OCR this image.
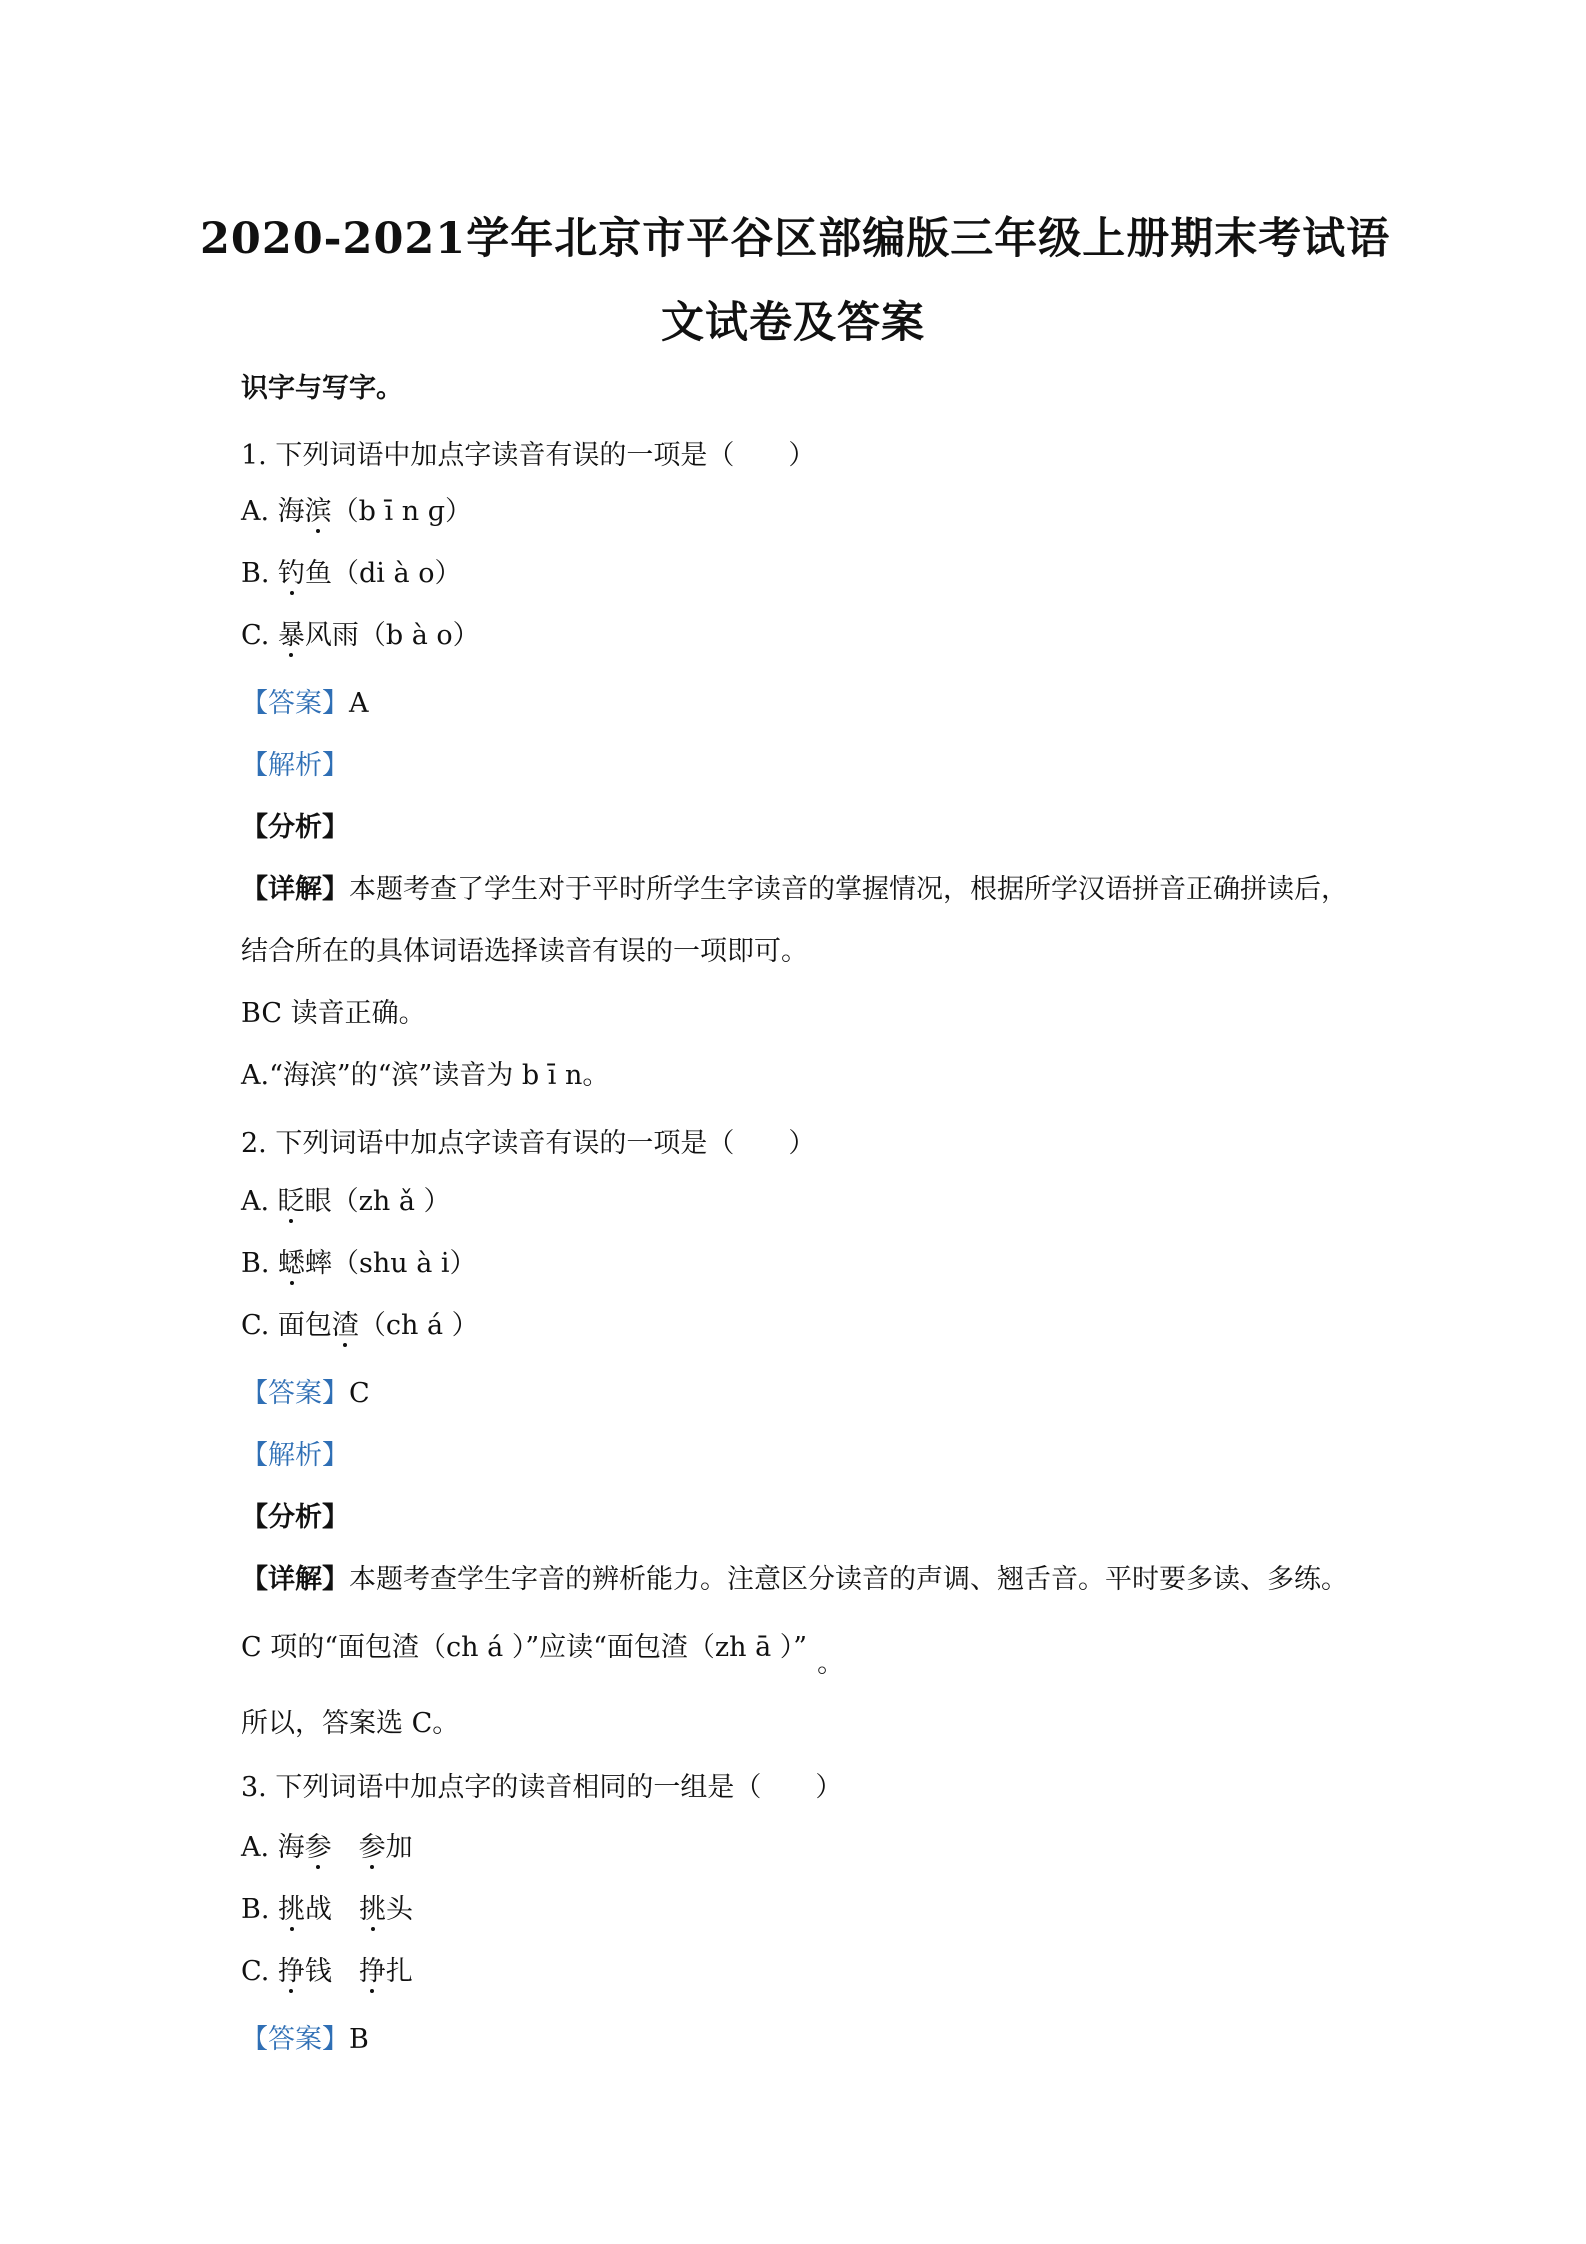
2020-2021学年北京市平谷区部编版三年级上册期末考试语
文试卷及答案
识字与写字。
1. 下列词语中加点字读音有误的一项是（　　）
A. 海滨（b ī n ɡ）
B. 钓鱼（di à o）
C. 暴风雨（b à o）
【答案】A
【解析】
【分析】
【详解】本题考查了学生对于平时所学生字读音的掌握情况，根据所学汉语拼音正确拼读后，
结合所在的具体词语选择读音有误的一项即可。
BC 读音正确。
A.“海滨”的“滨”读音为 b ī n。
2. 下列词语中加点字读音有误的一项是（　　）
A. 眨眼（zh ǎ ）
B. 蟋蟀（shu à i）
C. 面包渣（ch á ）
【答案】C
【解析】
【分析】
【详解】本题考查学生字音的辨析能力。注意区分读音的声调、翘舌音。平时要多读、多练。
C 项的“面包渣（ch á ）”应读“面包渣（zh ā ）”。
所以，答案选 C。
3. 下列词语中加点字的读音相同的一组是（　　）
A. 海参　 参加
B. 挑战　挑头
C. 挣钱　挣扎
【答案】B
